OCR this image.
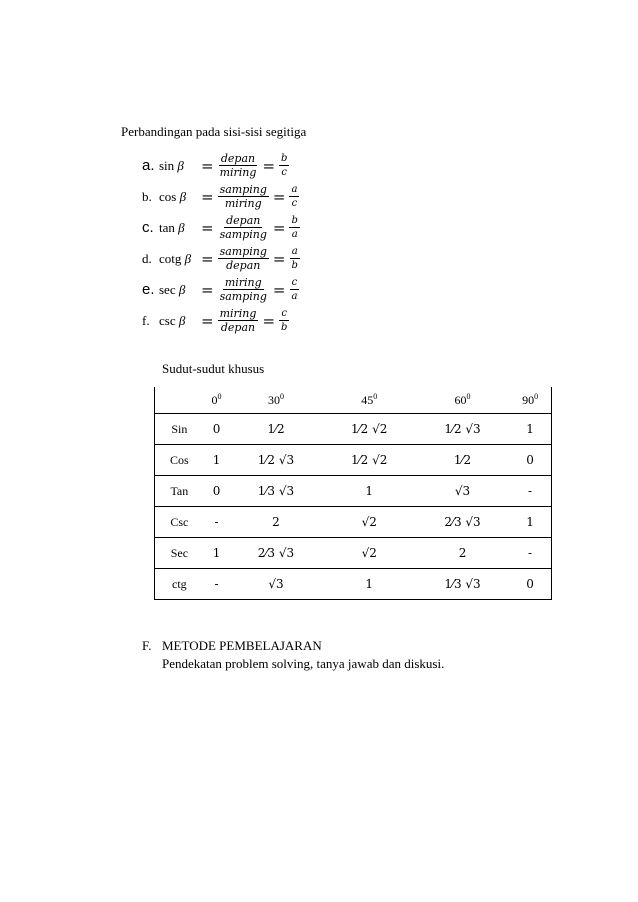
Perbandingan pada sisi-sisi segitiga
a. sin β	= $\frac{\text{depan}}{\text{miring}} = \frac{b}{c}$
b. $\cos \beta = \frac{\text{samping}}{\text{miring}} = \frac{a}{c}$
c. tan β	= $\frac{\text{depan}}{\text{samping}} = \frac{b}{a}$
d. cotg $\beta = \frac{\text{samping}}{\text{depan}} = \frac{a}{b}$
e. sec β	= $\frac{\text{miring}}{\text{samping}} = \frac{c}{a}$
f. csc β	= $\frac{\text{miring}}{\text{depan}} = \frac{c}{b}$
Sudut-sudut khusus
	$0^0$	$30^0$	$45^0$	$60^0$	$90^0$
Sin	0	1⁄2	1⁄2 √2	1⁄2 √3	1
Cos	1	1⁄2 √3	1⁄2 √2	1⁄2	0
Tan	0	1⁄3 √3	1	√3	-
Csc	-	2	√2	2⁄3 √3	1
Sec	1	2⁄3 √3	√2	2	-
ctg	-	√3	1	1⁄3 √3	0
F. METODE PEMBELAJARAN
Pendekatan problem solving, tanya jawab dan diskusi.
